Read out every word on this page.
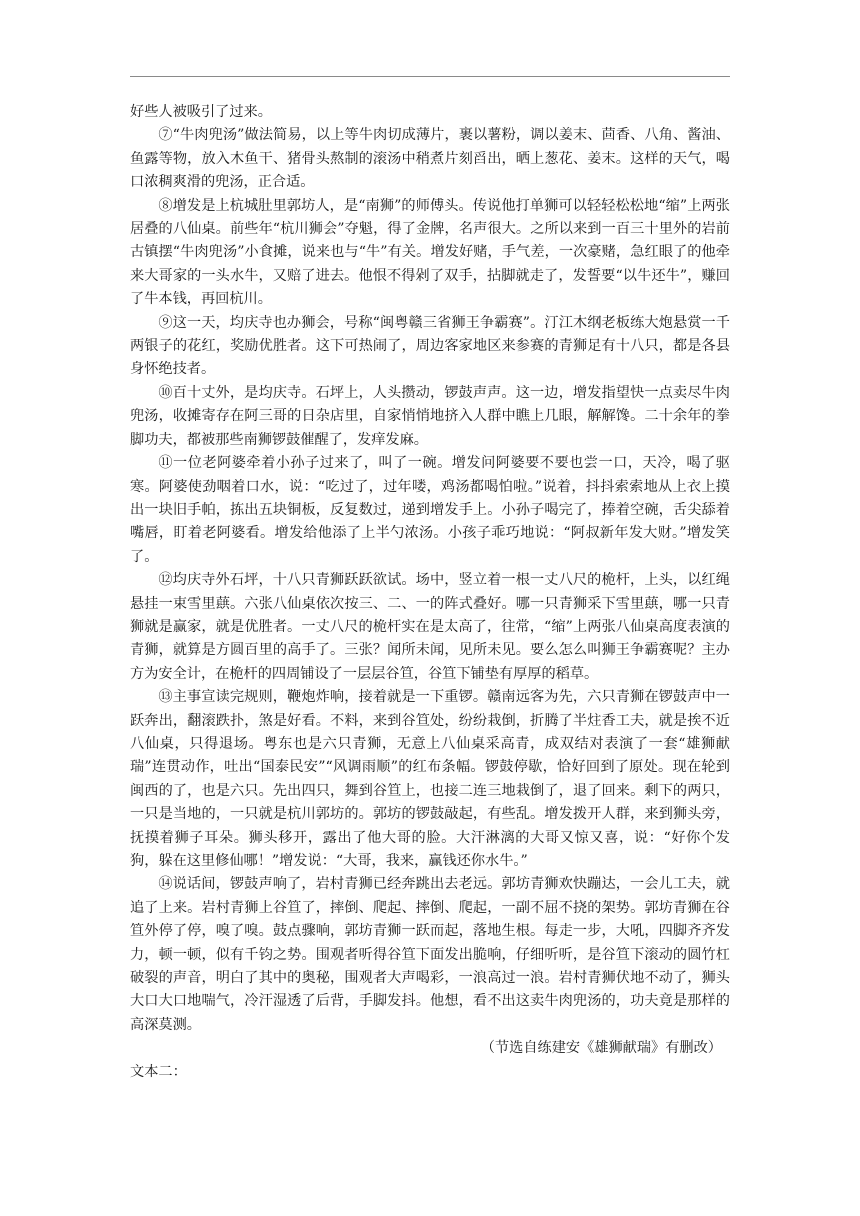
好些人被吸引了过来。

⑦“牛肉兜汤”做法简易，以上等牛肉切成薄片，裹以薯粉，调以姜末、茴香、八角、酱油、鱼露等物，放入木鱼干、猪骨头熬制的滚汤中稍煮片刻舀出，晒上葱花、姜末。这样的天气，喝口浓稠爽滑的兜汤，正合适。

⑧增发是上杭城肚里郭坊人，是“南狮”的师傅头。传说他打单狮可以轻轻松松地“缩”上两张居叠的八仙桌。前些年“杭川狮会”夺魁，得了金牌，名声很大。之所以来到一百三十里外的岩前古镇摆“牛肉兜汤”小食摊，说来也与“牛”有关。增发好赌，手气差，一次豪赌，急红眼了的他牵来大哥家的一头水牛，又赔了进去。他恨不得剁了双手，拈脚就走了，发誓要“以牛还牛”，赚回了牛本钱，再回杭川。

⑨这一天，均庆寺也办狮会，号称“闽粤赣三省狮王争霸赛”。汀江木纲老板练大炮悬赏一千两银子的花红，奖励优胜者。这下可热闹了，周边客家地区来参赛的青狮足有十八只，都是各县身怀绝技者。

⑩百十丈外，是均庆寺。石坪上，人头攒动，锣鼓声声。这一边，增发指望快一点卖尽牛肉兜汤，收摊寄存在阿三哥的日杂店里，自家悄悄地挤入人群中瞧上几眼，解解馋。二十余年的拳脚功夫，都被那些南狮锣鼓催醒了，发痒发麻。

⑪一位老阿婆牵着小孙子过来了，叫了一碗。增发问阿婆要不要也尝一口，天冷，喝了驱寒。阿婆使劲咽着口水，说：“吃过了，过年喽，鸡汤都喝怕啦。”说着，抖抖索索地从上衣上摸出一块旧手帕，拣出五块铜板，反复数过，递到增发手上。小孙子喝完了，捧着空碗，舌尖舔着嘴唇，盯着老阿婆看。增发给他添了上半勺浓汤。小孩子乖巧地说：“阿叔新年发大财。”增发笑了。

⑫均庆寺外石坪，十八只青狮跃跃欲试。场中，竖立着一根一丈八尺的桅杆，上头，以红绳悬挂一束雪里蕻。六张八仙桌依次按三、二、一的阵式叠好。哪一只青狮采下雪里蕻，哪一只青狮就是赢家，就是优胜者。一丈八尺的桅杆实在是太高了，往常，“缩”上两张八仙桌高度表演的青狮，就算是方圆百里的高手了。三张？闻所未闻，见所未见。要么怎么叫狮王争霸赛呢？主办方为安全计，在桅杆的四周铺设了一层层谷笪，谷笪下铺垫有厚厚的稻草。

⑬主事宣读完规则，鞭炮炸响，接着就是一下重锣。赣南远客为先，六只青狮在锣鼓声中一跃奔出，翻滚跌扑，煞是好看。不料，来到谷笪处，纷纷栽倒，折腾了半炷香工夫，就是挨不近八仙桌，只得退场。粤东也是六只青狮，无意上八仙桌采高青，成双结对表演了一套“雄狮献瑞”连贯动作，吐出“国泰民安”“风调雨顺”的红布条幅。锣鼓停歇，恰好回到了原处。现在轮到闽西的了，也是六只。先出四只，舞到谷笪上，也接二连三地栽倒了，退了回来。剩下的两只，一只是当地的，一只就是杭川郭坊的。郭坊的锣鼓敲起，有些乱。增发拨开人群，来到狮头旁，抚摸着狮子耳朵。狮头移开，露出了他大哥的脸。大汗淋漓的大哥又惊又喜，说：“好你个发狗，躲在这里修仙哪！”增发说：“大哥，我来，赢钱还你水牛。”

⑭说话间，锣鼓声响了，岩村青狮已经奔跳出去老远。郭坊青狮欢快蹦达，一会儿工夫，就追了上来。岩村青狮上谷笪了，摔倒、爬起、摔倒、爬起，一副不屈不挠的架势。郭坊青狮在谷笪外停了停，嗅了嗅。鼓点骤响，郭坊青狮一跃而起，落地生根。每走一步，大吼，四脚齐齐发力，顿一顿，似有千钧之势。围观者听得谷笪下面发出脆响，仔细听听，是谷笪下滚动的圆竹杠破裂的声音，明白了其中的奥秘，围观者大声喝彩，一浪高过一浪。岩村青狮伏地不动了，狮头大口大口地喘气，冷汗湿透了后背，手脚发抖。他想，看不出这卖牛肉兜汤的，功夫竟是那样的高深莫测。

（节选自练建安《雄狮献瑞》有删改）

文本二：
